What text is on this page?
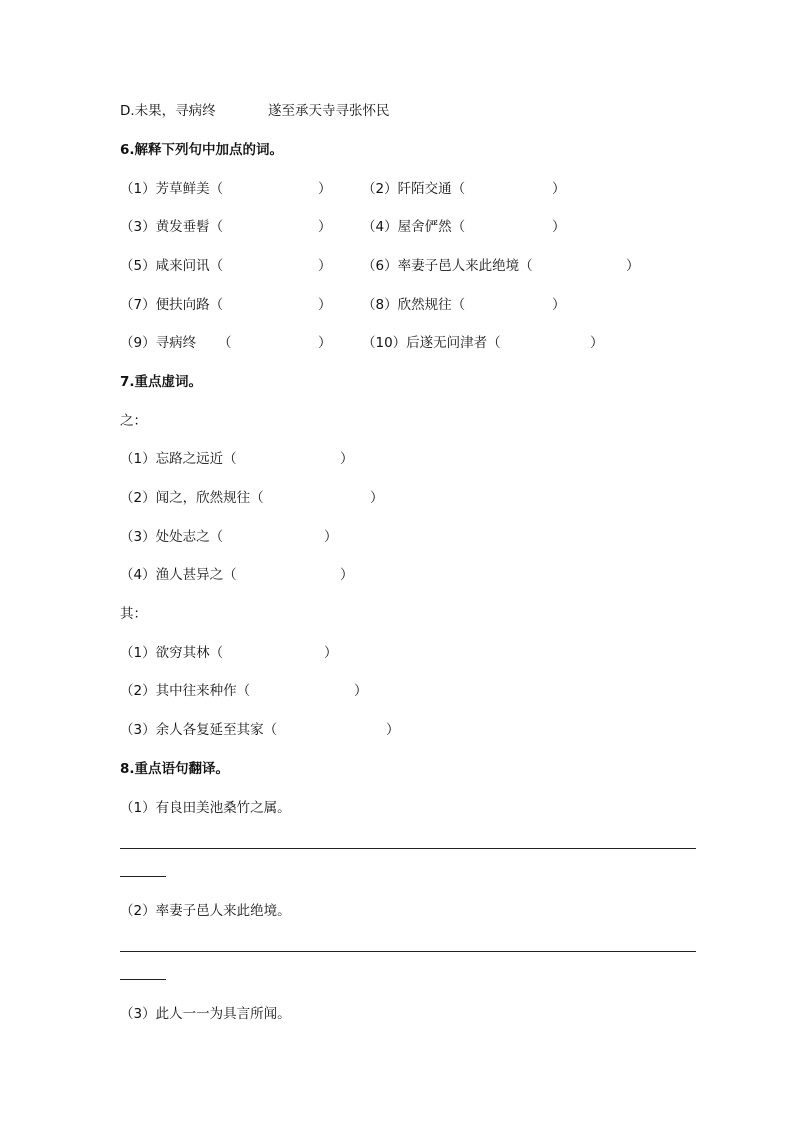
D.未果，寻病终	遂至承天寺寻张怀民
6.解释下列句中加点的词。
（1）芳草鲜美（	） （2）阡陌交通（	）
（3）黄发垂髫（	） （4）屋舍俨然（	）
（5）咸来问讯（	） （6）率妻子邑人来此绝境（	）
（7）便扶向路（	） （8）欣然规往（	）
（9）寻病终 （	） （10）后遂无问津者（	）
7.重点虚词。
之：
（1）忘路之远近（	）
（2）闻之，欣然规往（	）
（3）处处志之（	）
（4）渔人甚异之（	）
其：
（1）欲穷其林（	）
（2）其中往来种作（	）
（3）余人各复延至其家（	）
8.重点语句翻译。
（1）有良田美池桑竹之属。
（2）率妻子邑人来此绝境。
（3）此人一一为具言所闻。
